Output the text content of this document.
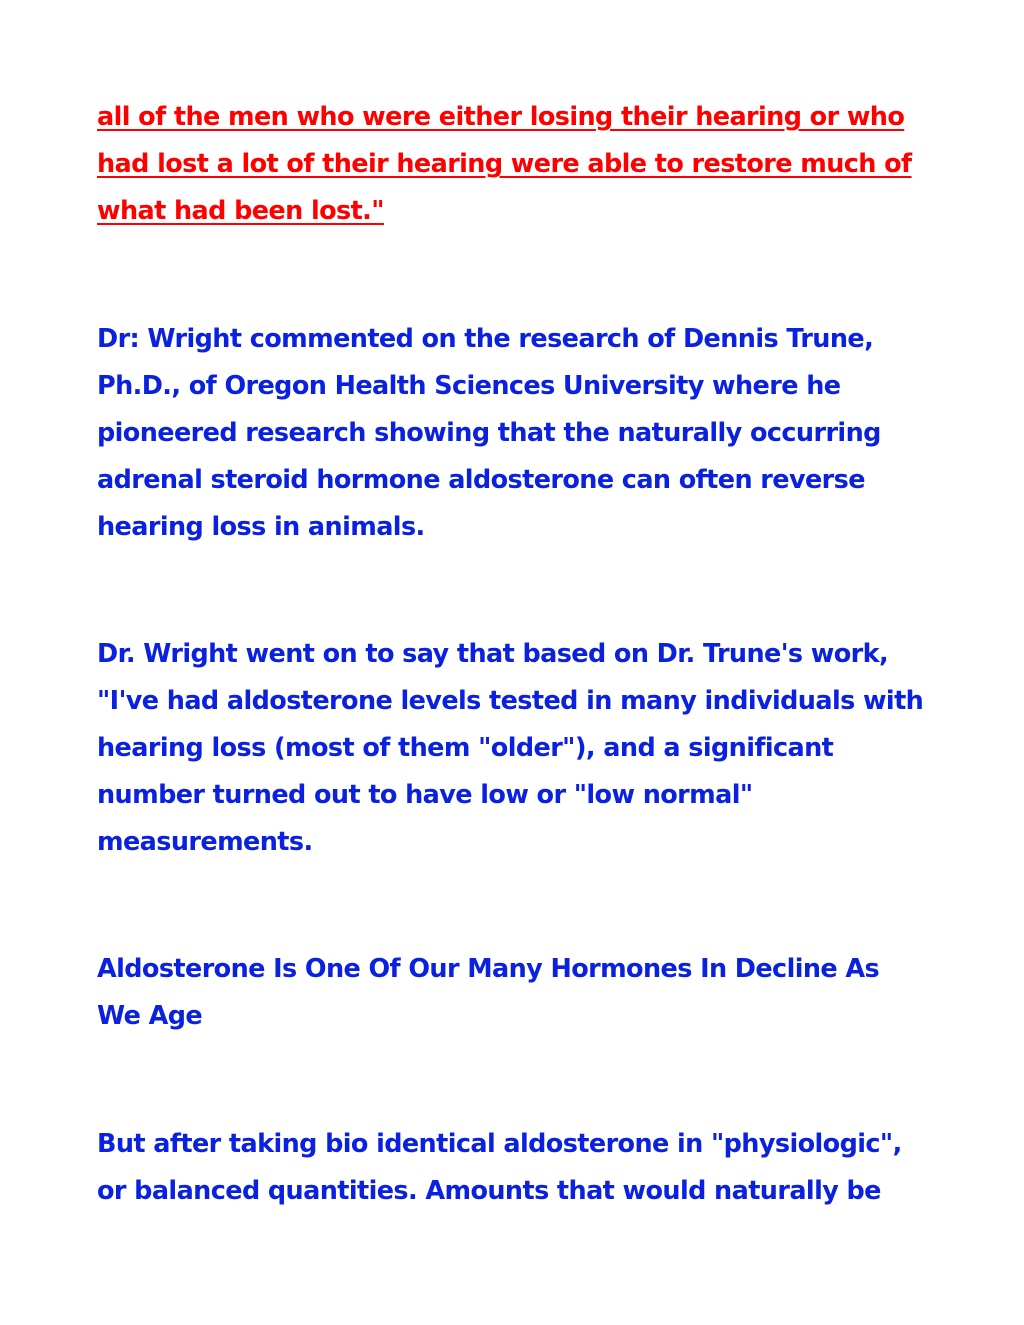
all of the men who were either losing their hearing or who
had lost a lot of their hearing were able to restore much of
what had been lost."

Dr: Wright commented on the research of Dennis Trune,
Ph.D., of Oregon Health Sciences University where he
pioneered research showing that the naturally occurring
adrenal steroid hormone aldosterone can often reverse
hearing loss in animals.

Dr. Wright went on to say that based on Dr. Trune's work,
"I've had aldosterone levels tested in many individuals with
hearing loss (most of them "older"), and a significant
number turned out to have low or "low normal"
measurements.

Aldosterone Is One Of Our Many Hormones In Decline As
We Age

But after taking bio identical aldosterone in "physiologic",
or balanced quantities. Amounts that would naturally be
